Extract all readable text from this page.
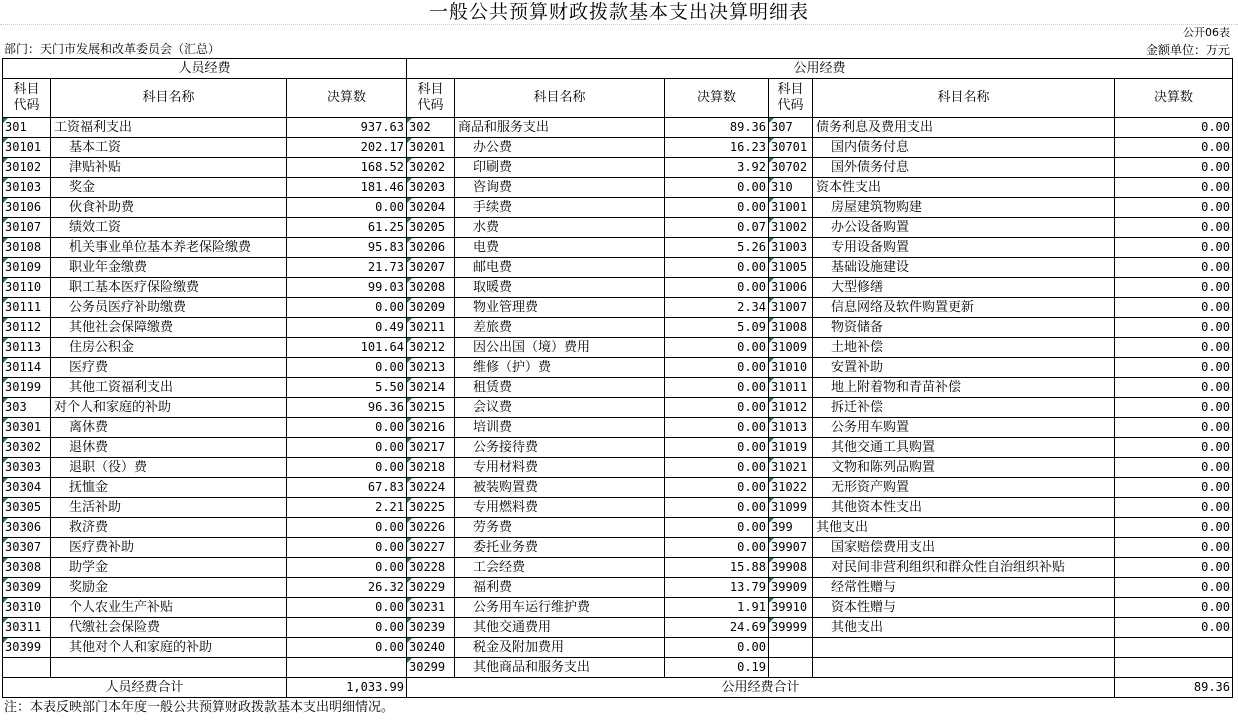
一般公共预算财政拨款基本支出决算明细表
公开06表
部门：天门市发展和改革委员会（汇总）	金额单位：万元
人员经费			公用经费					
科目
代码	科目名称	决算数	科目
代码	科目名称	决算数	科目
代码	科目名称	决算数
301	工资福利支出	937.63	302	商品和服务支出	89.36	307	债务利息及费用支出	0.00
30101	基本工资	202.17	30201	办公费	16.23	30701	国内债务付息	0.00
30102	津贴补贴	168.52	30202	印刷费	3.92	30702	国外债务付息	0.00
30103	奖金	181.46	30203	咨询费	0.00	310	资本性支出	0.00
30106	伙食补助费	0.00	30204	手续费	0.00	31001	房屋建筑物购建	0.00
30107	绩效工资	61.25	30205	水费	0.07	31002	办公设备购置	0.00
30108	机关事业单位基本养老保险缴费	95.83	30206	电费	5.26	31003	专用设备购置	0.00
30109	职业年金缴费	21.73	30207	邮电费	0.00	31005	基础设施建设	0.00
30110	职工基本医疗保险缴费	99.03	30208	取暖费	0.00	31006	大型修缮	0.00
30111	公务员医疗补助缴费	0.00	30209	物业管理费	2.34	31007	信息网络及软件购置更新	0.00
30112	其他社会保障缴费	0.49	30211	差旅费	5.09	31008	物资储备	0.00
30113	住房公积金	101.64	30212	因公出国（境）费用	0.00	31009	土地补偿	0.00
30114	医疗费	0.00	30213	维修（护）费	0.00	31010	安置补助	0.00
30199	其他工资福利支出	5.50	30214	租赁费	0.00	31011	地上附着物和青苗补偿	0.00
303	对个人和家庭的补助	96.36	30215	会议费	0.00	31012	拆迁补偿	0.00
30301	离休费	0.00	30216	培训费	0.00	31013	公务用车购置	0.00
30302	退休费	0.00	30217	公务接待费	0.00	31019	其他交通工具购置	0.00
30303	退职（役）费	0.00	30218	专用材料费	0.00	31021	文物和陈列品购置	0.00
30304	抚恤金	67.83	30224	被装购置费	0.00	31022	无形资产购置	0.00
30305	生活补助	2.21	30225	专用燃料费	0.00	31099	其他资本性支出	0.00
30306	救济费	0.00	30226	劳务费	0.00	399	其他支出	0.00
30307	医疗费补助	0.00	30227	委托业务费	0.00	39907	国家赔偿费用支出	0.00
30308	助学金	0.00	30228	工会经费	15.88	39908	对民间非营利组织和群众性自治组织补贴	0.00
30309	奖励金	26.32	30229	福利费	13.79	39909	经常性赠与	0.00
30310	个人农业生产补贴	0.00	30231	公务用车运行维护费	1.91	39910	资本性赠与	0.00
30311	代缴社会保险费	0.00	30239	其他交通费用	24.69	39999	其他支出	0.00
30399	其他对个人和家庭的补助	0.00	30240	税金及附加费用	0.00			
			30299	其他商品和服务支出	0.19			
人员经费合计		1,033.99	公用经费合计					89.36
注：本表反映部门本年度一般公共预算财政拨款基本支出明细情况。
